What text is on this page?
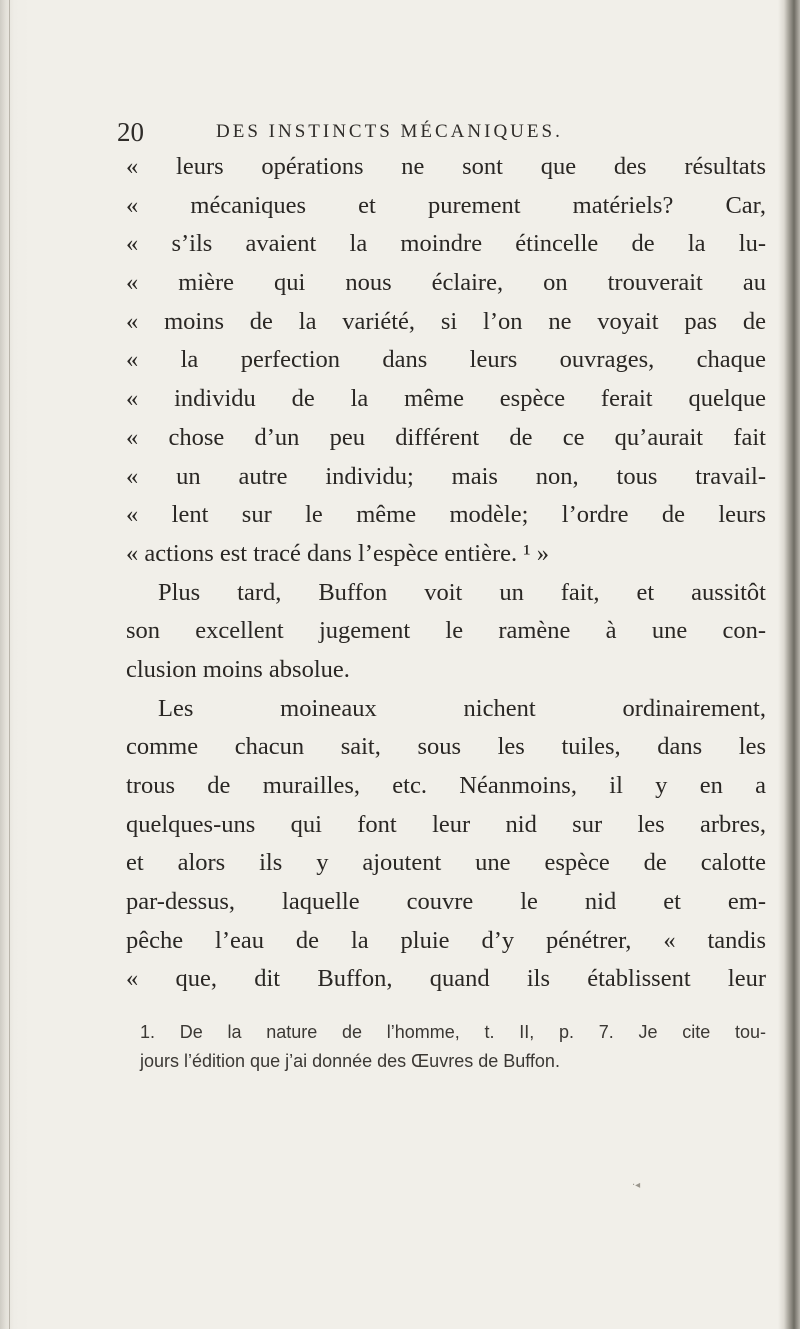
20	DES INSTINCTS MÉCANIQUES.
« leurs opérations ne sont que des résultats
« mécaniques et purement matériels? Car,
« s’ils avaient la moindre étincelle de la lu-
« mière qui nous éclaire, on trouverait au
« moins de la variété, si l’on ne voyait pas de
« la perfection dans leurs ouvrages, chaque
« individu de la même espèce ferait quelque
« chose d’un peu différent de ce qu’aurait fait
« un autre individu; mais non, tous travail-
« lent sur le même modèle; l’ordre de leurs
« actions est tracé dans l’espèce entière. ¹ »
Plus tard, Buffon voit un fait, et aussitôt
son excellent jugement le ramène à une con-
clusion moins absolue.
Les moineaux nichent ordinairement,
comme chacun sait, sous les tuiles, dans les
trous de murailles, etc. Néanmoins, il y en a
quelques-uns qui font leur nid sur les arbres,
et alors ils y ajoutent une espèce de calotte
par-dessus, laquelle couvre le nid et em-
pêche l’eau de la pluie d’y pénétrer, « tandis
« que, dit Buffon, quand ils établissent leur
1. De la nature de l’homme, t. II, p. 7. Je cite tou-
jours l’édition que j’ai donnée des Œuvres de Buffon.
·◂
